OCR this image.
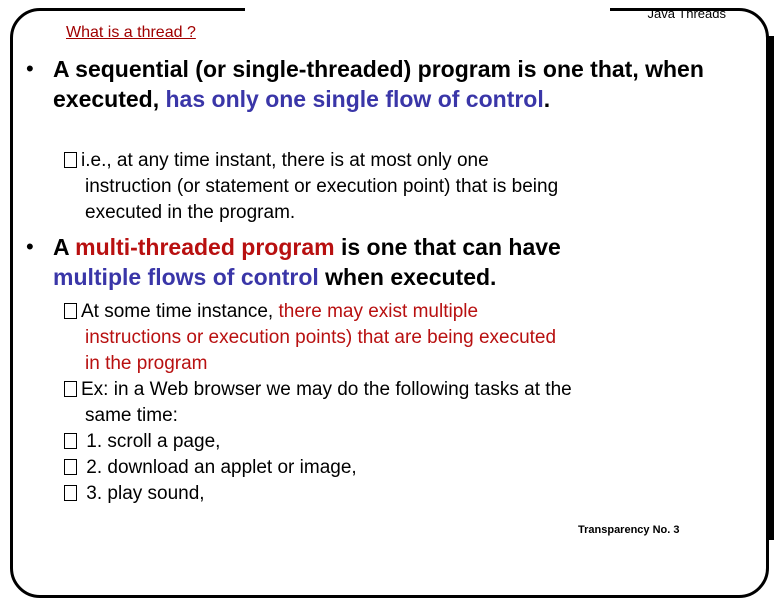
What is a thread ?
Java Threads
Transparency No. 3
• A sequential (or single-threaded) program is one that, when executed, has only one single flow of control.
i.e., at any time instant, there is at most only one
instruction (or statement or execution point) that is being
executed in the program.
• A multi-threaded program is one that can have
multiple flows of control when executed.
At some time instance, there may exist multiple
instructions or execution points) that are being executed
in the program
Ex: in a Web browser we may do the following tasks at the
same time:
1. scroll a page,
2. download an applet or image,
3. play sound,
